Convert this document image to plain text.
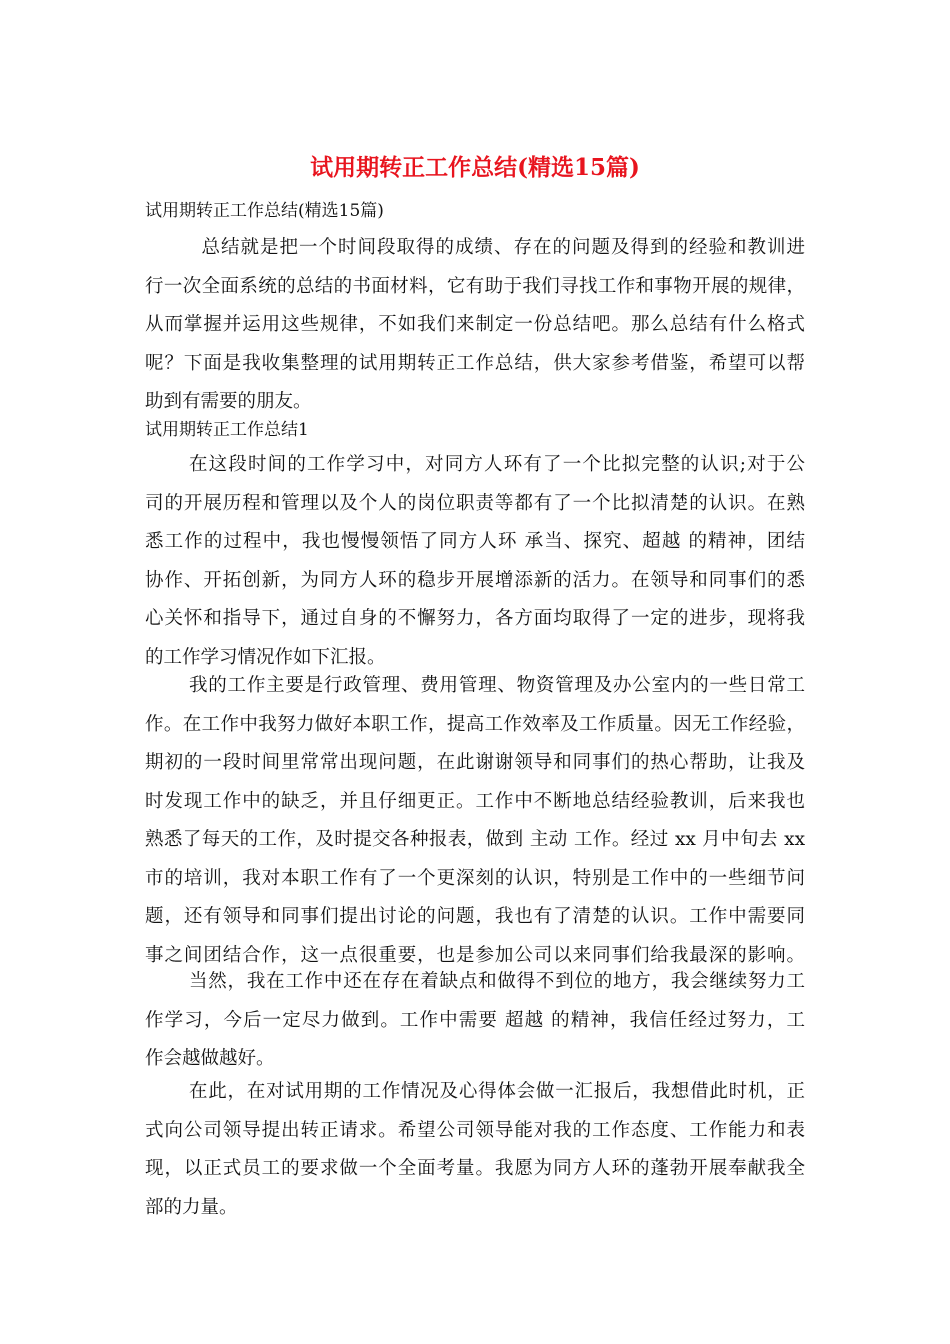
试用期转正工作总结(精选15篇)

试用期转正工作总结(精选15篇)

　总结就是把一个时间段取得的成绩、存在的问题及得到的经验和教训进
行一次全面系统的总结的书面材料，它有助于我们寻找工作和事物开展的规律，
从而掌握并运用这些规律，不如我们来制定一份总结吧。那么总结有什么格式
呢？下面是我收集整理的试用期转正工作总结，供大家参考借鉴，希望可以帮
助到有需要的朋友。

试用期转正工作总结1

在这段时间的工作学习中，对同方人环有了一个比拟完整的认识;对于公
司的开展历程和管理以及个人的岗位职责等都有了一个比拟清楚的认识。在熟
悉工作的过程中，我也慢慢领悟了同方人环 承当、探究、超越 的精神，团结
协作、开拓创新，为同方人环的稳步开展增添新的活力。在领导和同事们的悉
心关怀和指导下，通过自身的不懈努力，各方面均取得了一定的进步，现将我
的工作学习情况作如下汇报。
我的工作主要是行政管理、费用管理、物资管理及办公室内的一些日常工
作。在工作中我努力做好本职工作，提高工作效率及工作质量。因无工作经验，
期初的一段时间里常常出现问题，在此谢谢领导和同事们的热心帮助，让我及
时发现工作中的缺乏，并且仔细更正。工作中不断地总结经验教训，后来我也
熟悉了每天的工作，及时提交各种报表，做到 主动 工作。经过 xx 月中旬去 xx
市的培训，我对本职工作有了一个更深刻的认识，特别是工作中的一些细节问
题，还有领导和同事们提出讨论的问题，我也有了清楚的认识。工作中需要同
事之间团结合作，这一点很重要，也是参加公司以来同事们给我最深的影响。
当然，我在工作中还在存在着缺点和做得不到位的地方，我会继续努力工
作学习，今后一定尽力做到。工作中需要 超越 的精神，我信任经过努力，工
作会越做越好。
在此，在对试用期的工作情况及心得体会做一汇报后，我想借此时机，正
式向公司领导提出转正请求。希望公司领导能对我的工作态度、工作能力和表
现，以正式员工的要求做一个全面考量。我愿为同方人环的蓬勃开展奉献我全
部的力量。
